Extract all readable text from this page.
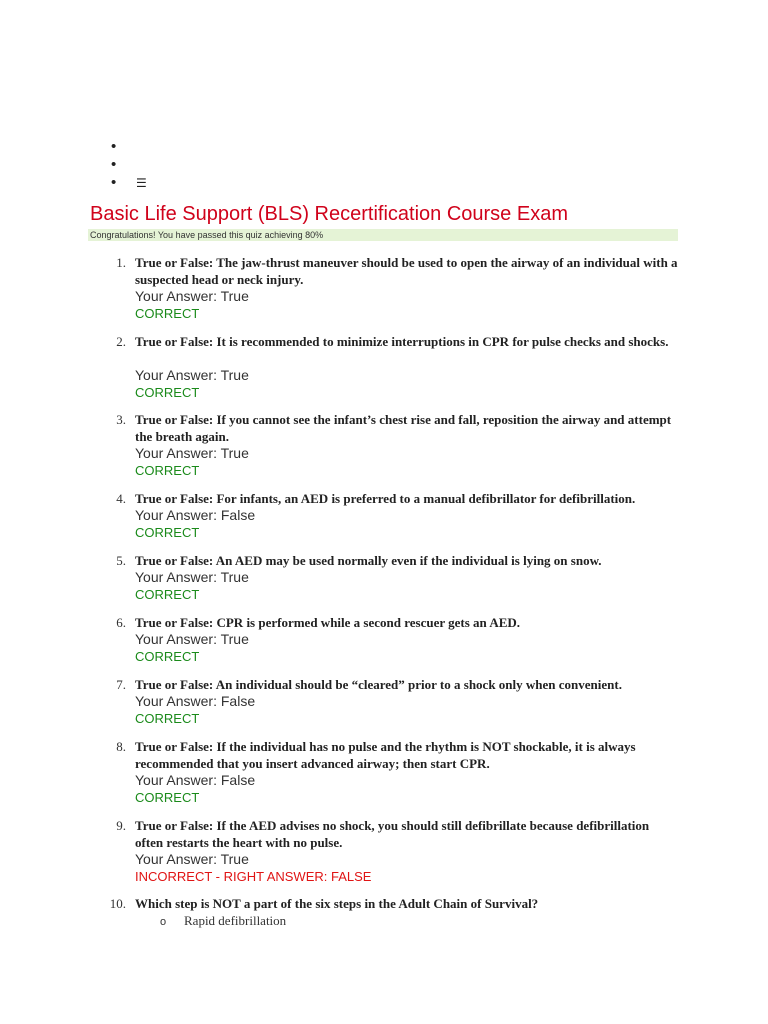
•
•
• ☰
Basic Life Support (BLS) Recertification Course Exam
Congratulations! You have passed this quiz achieving 80%
1. True or False: The jaw-thrust maneuver should be used to open the airway of an individual with a suspected head or neck injury.
Your Answer: True
CORRECT
2. True or False: It is recommended to minimize interruptions in CPR for pulse checks and shocks.
Your Answer: True
CORRECT
3. True or False: If you cannot see the infant’s chest rise and fall, reposition the airway and attempt the breath again.
Your Answer: True
CORRECT
4. True or False: For infants, an AED is preferred to a manual defibrillator for defibrillation.
Your Answer: False
CORRECT
5. True or False: An AED may be used normally even if the individual is lying on snow.
Your Answer: True
CORRECT
6. True or False: CPR is performed while a second rescuer gets an AED.
Your Answer: True
CORRECT
7. True or False: An individual should be “cleared” prior to a shock only when convenient.
Your Answer: False
CORRECT
8. True or False: If the individual has no pulse and the rhythm is NOT shockable, it is always recommended that you insert advanced airway; then start CPR.
Your Answer: False
CORRECT
9. True or False: If the AED advises no shock, you should still defibrillate because defibrillation often restarts the heart with no pulse.
Your Answer: True
INCORRECT - RIGHT ANSWER: FALSE
10. Which step is NOT a part of the six steps in the Adult Chain of Survival?
o Rapid defibrillation
